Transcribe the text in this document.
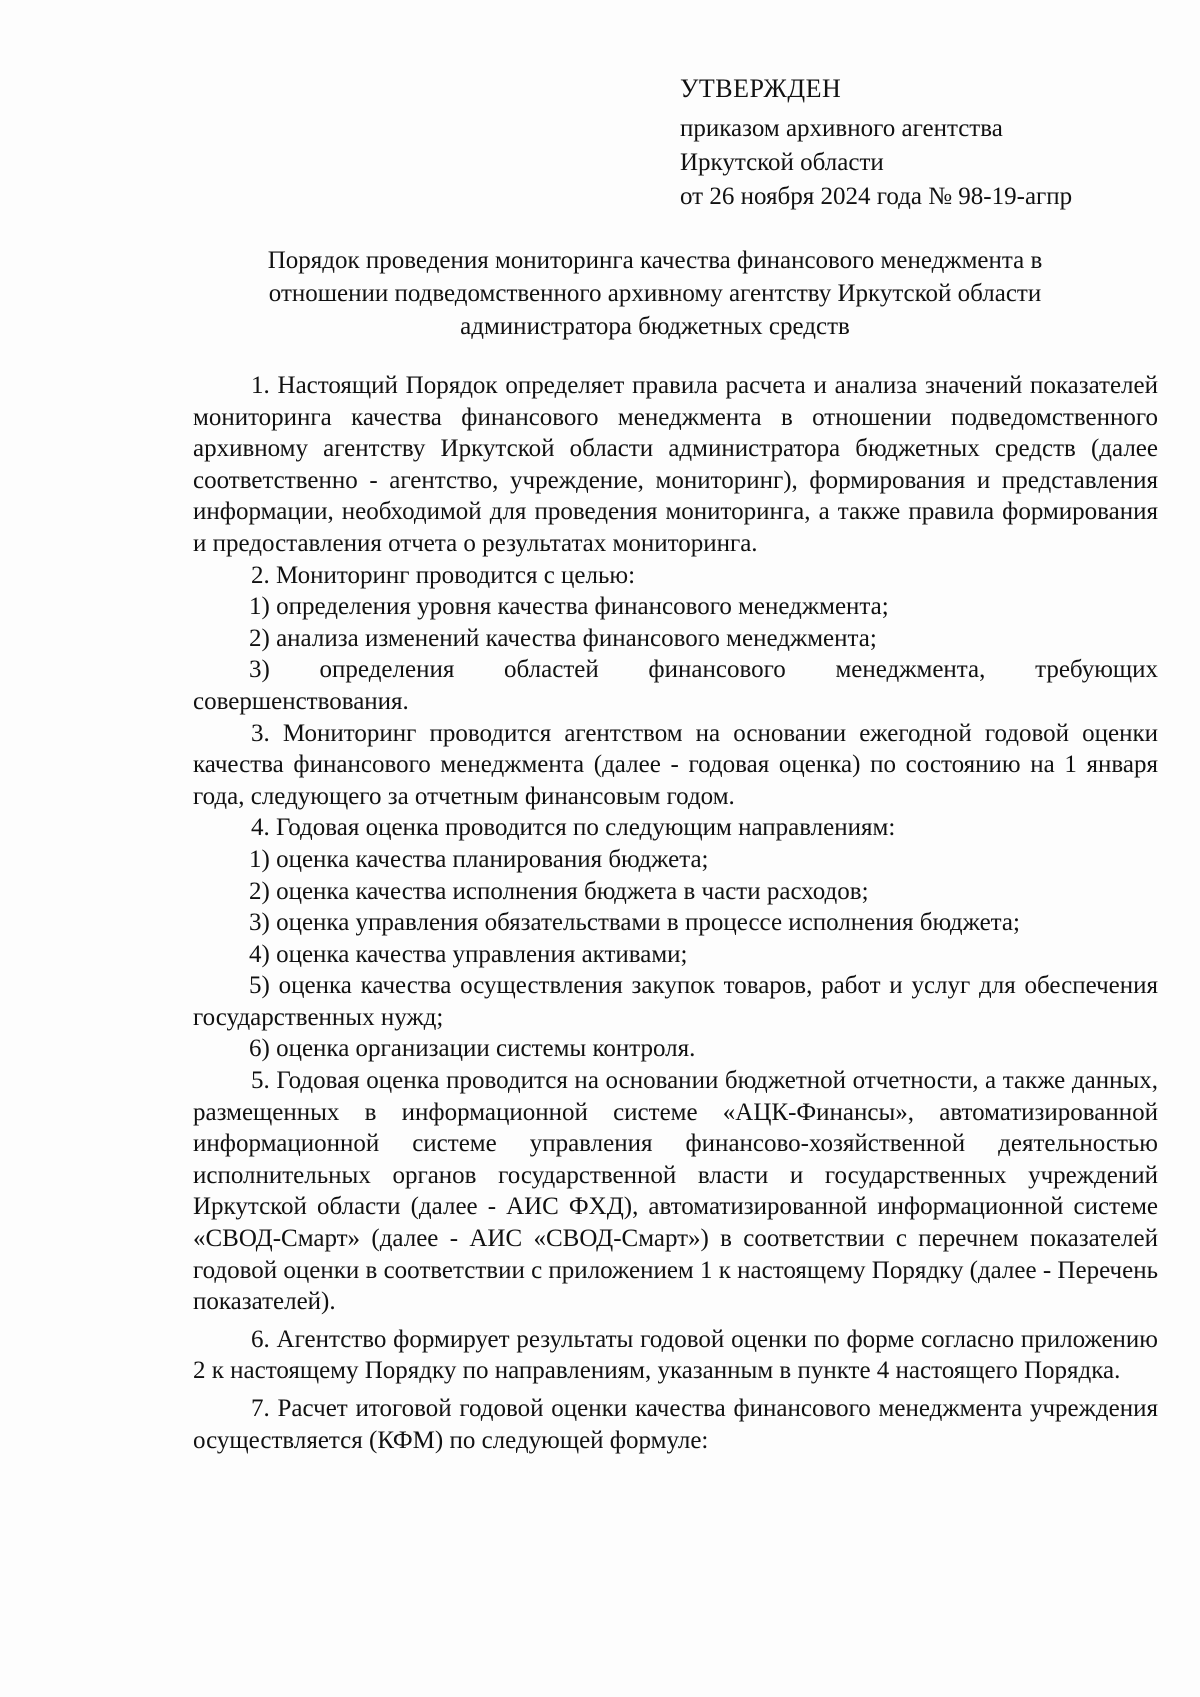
УТВЕРЖДЕН
приказом архивного агентства
Иркутской области
от 26 ноября 2024 года № 98-19-агпр
Порядок проведения мониторинга качества финансового менеджмента в
отношении подведомственного архивному агентству Иркутской области
администратора бюджетных средств

1. Настоящий Порядок определяет правила расчета и анализа значений показателей мониторинга качества финансового менеджмента в отношении подведомственного архивному агентству Иркутской области администратора бюджетных средств (далее соответственно - агентство, учреждение, мониторинг), формирования и представления информации, необходимой для проведения мониторинга, а также правила формирования и предоставления отчета о результатах мониторинга.

2. Мониторинг проводится с целью:

1) определения уровня качества финансового менеджмента;

2) анализа изменений качества финансового менеджмента;

3) определения областей финансового менеджмента, требующих совершенствования.

3. Мониторинг проводится агентством на основании ежегодной годовой оценки качества финансового менеджмента (далее - годовая оценка) по состоянию на 1 января года, следующего за отчетным финансовым годом.

4. Годовая оценка проводится по следующим направлениям:

1) оценка качества планирования бюджета;

2) оценка качества исполнения бюджета в части расходов;

3) оценка управления обязательствами в процессе исполнения бюджета;

4) оценка качества управления активами;

5) оценка качества осуществления закупок товаров, работ и услуг для обеспечения государственных нужд;

6) оценка организации системы контроля.

5. Годовая оценка проводится на основании бюджетной отчетности, а также данных, размещенных в информационной системе «АЦК-Финансы», автоматизированной информационной системе управления финансово-хозяйственной деятельностью исполнительных органов государственной власти и государственных учреждений Иркутской области (далее - АИС ФХД), автоматизированной информационной системе «СВОД-Смарт» (далее - АИС «СВОД-Смарт») в соответствии с перечнем показателей годовой оценки в соответствии с приложением 1 к настоящему Порядку (далее - Перечень показателей).

6. Агентство формирует результаты годовой оценки по форме согласно приложению 2 к настоящему Порядку по направлениям, указанным в пункте 4 настоящего Порядка.

7. Расчет итоговой годовой оценки качества финансового менеджмента учреждения осуществляется (КФМ) по следующей формуле:
